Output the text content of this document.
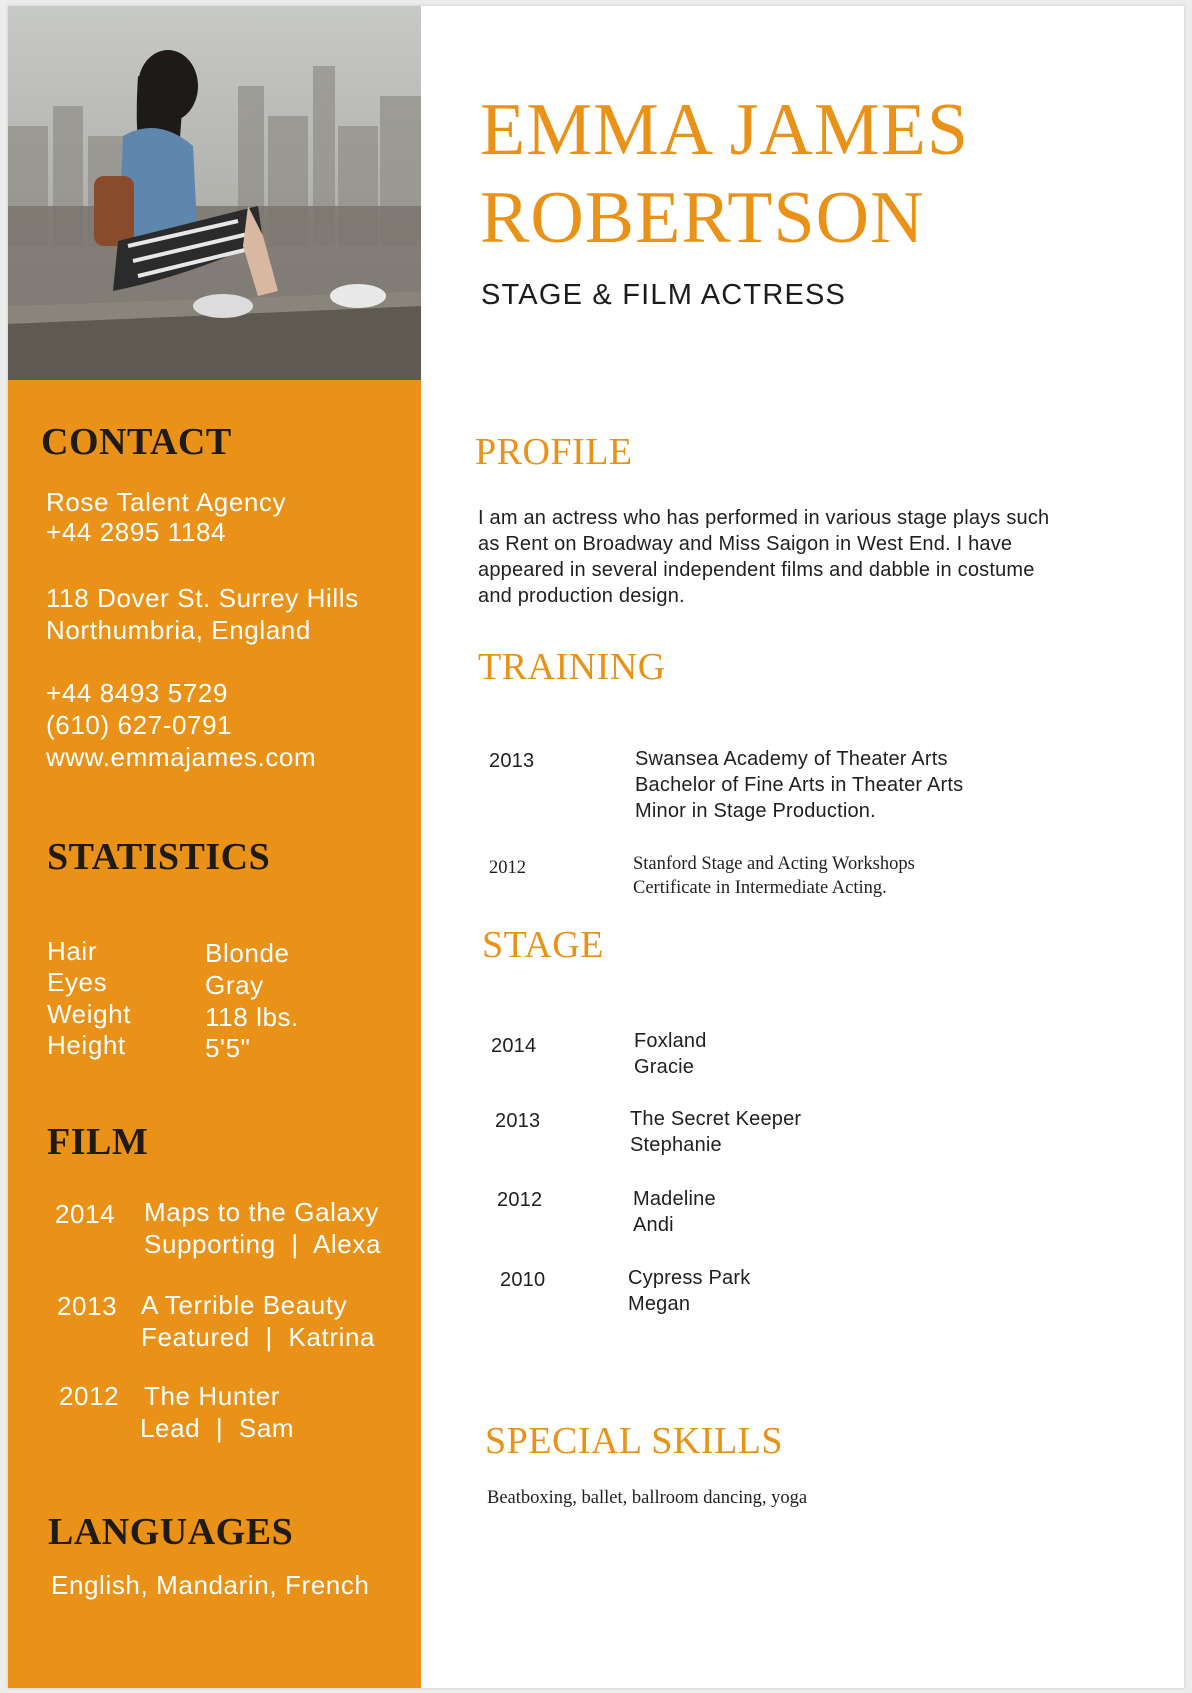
CONTACT
Rose Talent Agency
+44 2895 1184
118 Dover St. Surrey Hills
Northumbria, England
+44 8493 5729
(610) 627-0791
www.emmajames.com
STATISTICS
Hair	Blonde
Eyes	Gray
Weight	118 lbs.
Height	5'5"
FILM
2014 Maps to the Galaxy
Supporting  |  Alexa
2013 A Terrible Beauty
Featured  |  Katrina
2012 The Hunter
Lead  |  Sam
LANGUAGES
English, Mandarin, French
EMMA JAMES
ROBERTSON
STAGE & FILM ACTRESS
PROFILE
I am an actress who has performed in various stage plays such
as Rent on Broadway and Miss Saigon in West End. I have
appeared in several independent films and dabble in costume
and production design.
TRAINING
2013	Swansea Academy of Theater Arts
Bachelor of Fine Arts in Theater Arts
Minor in Stage Production.
2012	Stanford Stage and Acting Workshops
Certificate in Intermediate Acting.
STAGE
2014	Foxland
Gracie
2013	The Secret Keeper
Stephanie
2012	Madeline
Andi
2010	Cypress Park
Megan
SPECIAL SKILLS
Beatboxing, ballet, ballroom dancing, yoga
Tap to remove watermark
